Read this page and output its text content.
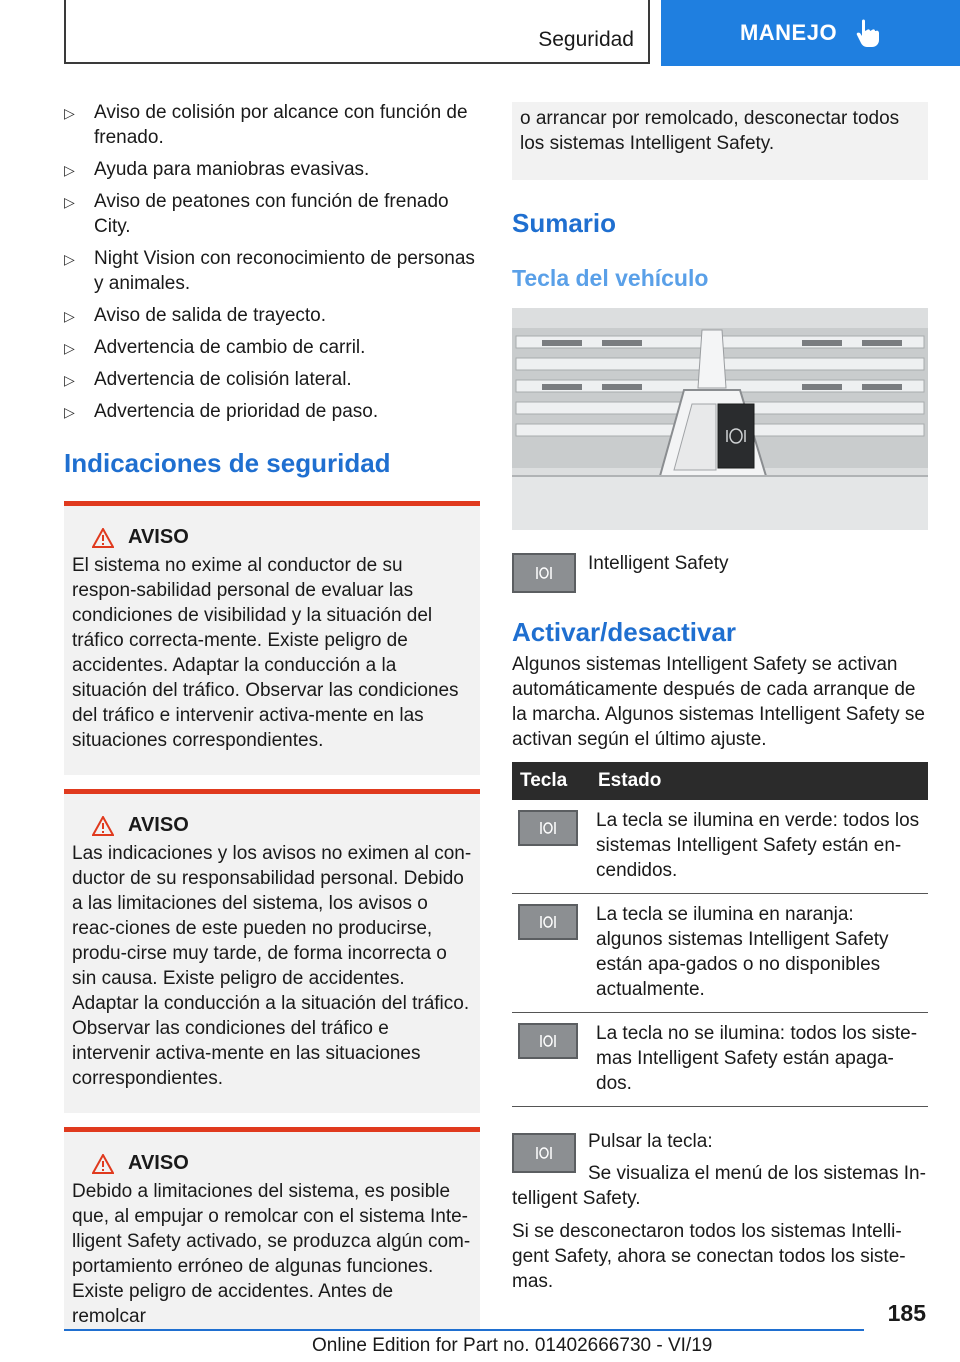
Seguridad	MANEJO
▷ Aviso de colisión por alcance con función de frenado.
▷ Ayuda para maniobras evasivas.
▷ Aviso de peatones con función de frenado City.
▷ Night Vision con reconocimiento de personas y animales.
▷ Aviso de salida de trayecto.
▷ Advertencia de cambio de carril.
▷ Advertencia de colisión lateral.
▷ Advertencia de prioridad de paso.
Indicaciones de seguridad
AVISO

El sistema no exime al conductor de su respon‐sabilidad personal de evaluar las condiciones de visibilidad y la situación del tráfico correcta‐mente. Existe peligro de accidentes. Adaptar la conducción a la situación del tráfico. Observar las condiciones del tráfico e intervenir activa‐mente en las situaciones correspondientes.

AVISO

Las indicaciones y los avisos no eximen al con‐ductor de su responsabilidad personal. Debido a las limitaciones del sistema, los avisos o reac‐ciones de este pueden no producirse, produ‐cirse muy tarde, de forma incorrecta o sin causa. Existe peligro de accidentes. Adaptar la conducción a la situación del tráfico. Observar las condiciones del tráfico e intervenir activa‐mente en las situaciones correspondientes.

AVISO

Debido a limitaciones del sistema, es posible que, al empujar o remolcar con el sistema Inte‐lligent Safety activado, se produzca algún com‐portamiento erróneo de algunas funciones. Existe peligro de accidentes. Antes de remolcar

o arrancar por remolcado, desconectar todos los sistemas Intelligent Safety.
Sumario
Tecla del vehículo
Intelligent Safety
Activar/desactivar

Algunos sistemas Intelligent Safety se activan automáticamente después de cada arranque de la marcha. Algunos sistemas Intelligent Safety se activan según el último ajuste.

Tecla	Estado

	La tecla se ilumina en verde: todos los sistemas Intelligent Safety están en‐cendidos.

	La tecla se ilumina en naranja: algunos sistemas Intelligent Safety están apa‐gados o no disponibles actualmente.

	La tecla no se ilumina: todos los siste‐mas Intelligent Safety están apaga‐dos.
Pulsar la tecla:

Se visualiza el menú de los sistemas In‐telligent Safety.

Si se desconectaron todos los sistemas Intelli‐gent Safety, ahora se conectan todos los siste‐mas.

185
Online Edition for Part no. 01402666730 - VI/19
